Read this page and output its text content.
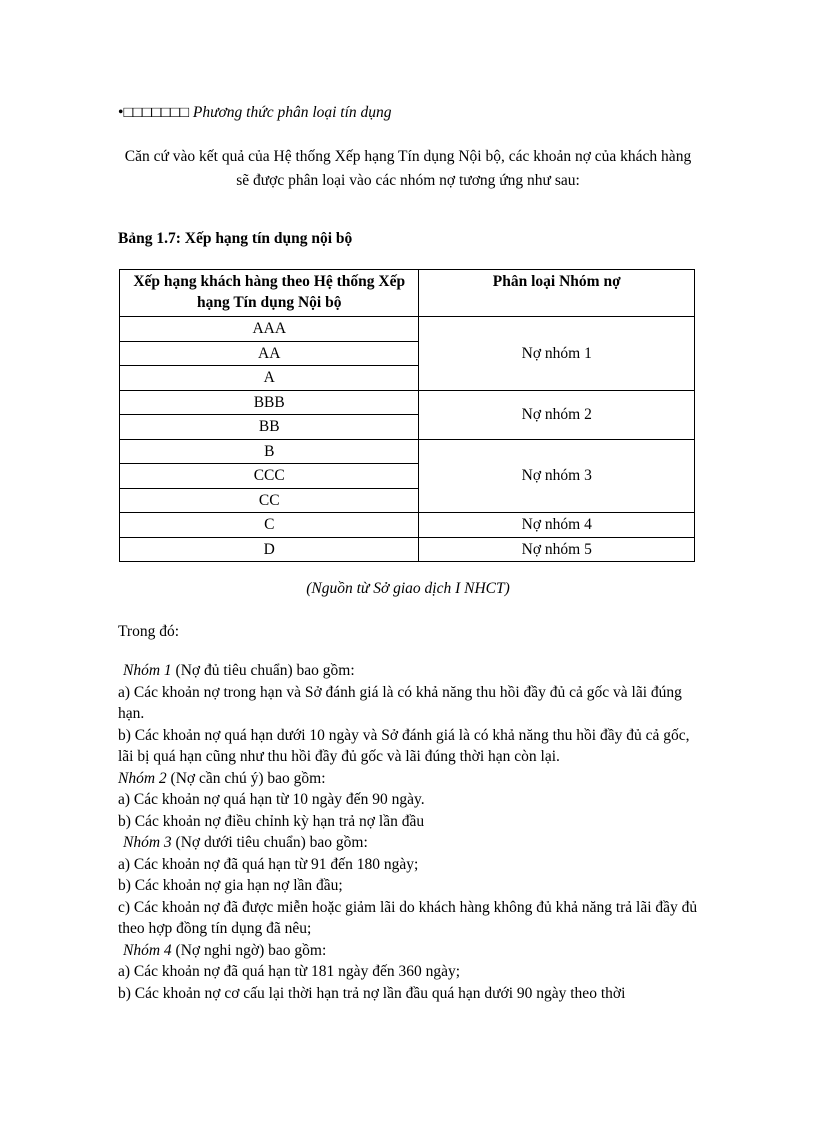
•□□□□□□□ Phương thức phân loại tín dụng
Căn cứ vào kết quả của Hệ thống Xếp hạng Tín dụng Nội bộ, các khoản nợ của khách hàng sẽ được phân loại vào các nhóm nợ tương ứng như sau:
Bảng 1.7: Xếp hạng tín dụng nội bộ
Xếp hạng khách hàng theo Hệ thống Xếp hạng Tín dụng Nội bộ	Phân loại Nhóm nợ
AAA	Nợ nhóm 1
AA	
A	
BBB	Nợ nhóm 2
BB	
B	Nợ nhóm 3
CCC	
CC	
C	Nợ nhóm 4
D	Nợ nhóm 5
(Nguồn từ Sở giao dịch I NHCT)
Trong đó:

Nhóm 1 (Nợ đủ tiêu chuẩn) bao gồm:

a) Các khoản nợ trong hạn và Sở đánh giá là có khả năng thu hồi đầy đủ cả gốc và lãi đúng hạn.

b) Các khoản nợ quá hạn dưới 10 ngày và Sở đánh giá là có khả năng thu hồi đầy đủ cả gốc, lãi bị quá hạn cũng như thu hồi đầy đủ gốc và lãi đúng thời hạn còn lại.

Nhóm 2 (Nợ cần chú ý) bao gồm:

a) Các khoản nợ quá hạn từ 10 ngày đến 90 ngày.

b) Các khoản nợ điều chỉnh kỳ hạn trả nợ lần đầu

Nhóm 3 (Nợ dưới tiêu chuẩn) bao gồm:

a) Các khoản nợ đã quá hạn từ 91 đến 180 ngày;

b) Các khoản nợ gia hạn nợ lần đầu;

c) Các khoản nợ đã được miễn hoặc giảm lãi do khách hàng không đủ khả năng trả lãi đầy đủ theo hợp đồng tín dụng đã nêu;

Nhóm 4 (Nợ nghi ngờ) bao gồm:

a) Các khoản nợ đã quá hạn từ 181 ngày đến 360 ngày;

b) Các khoản nợ cơ cấu lại thời hạn trả nợ lần đầu quá hạn dưới 90 ngày theo thời
